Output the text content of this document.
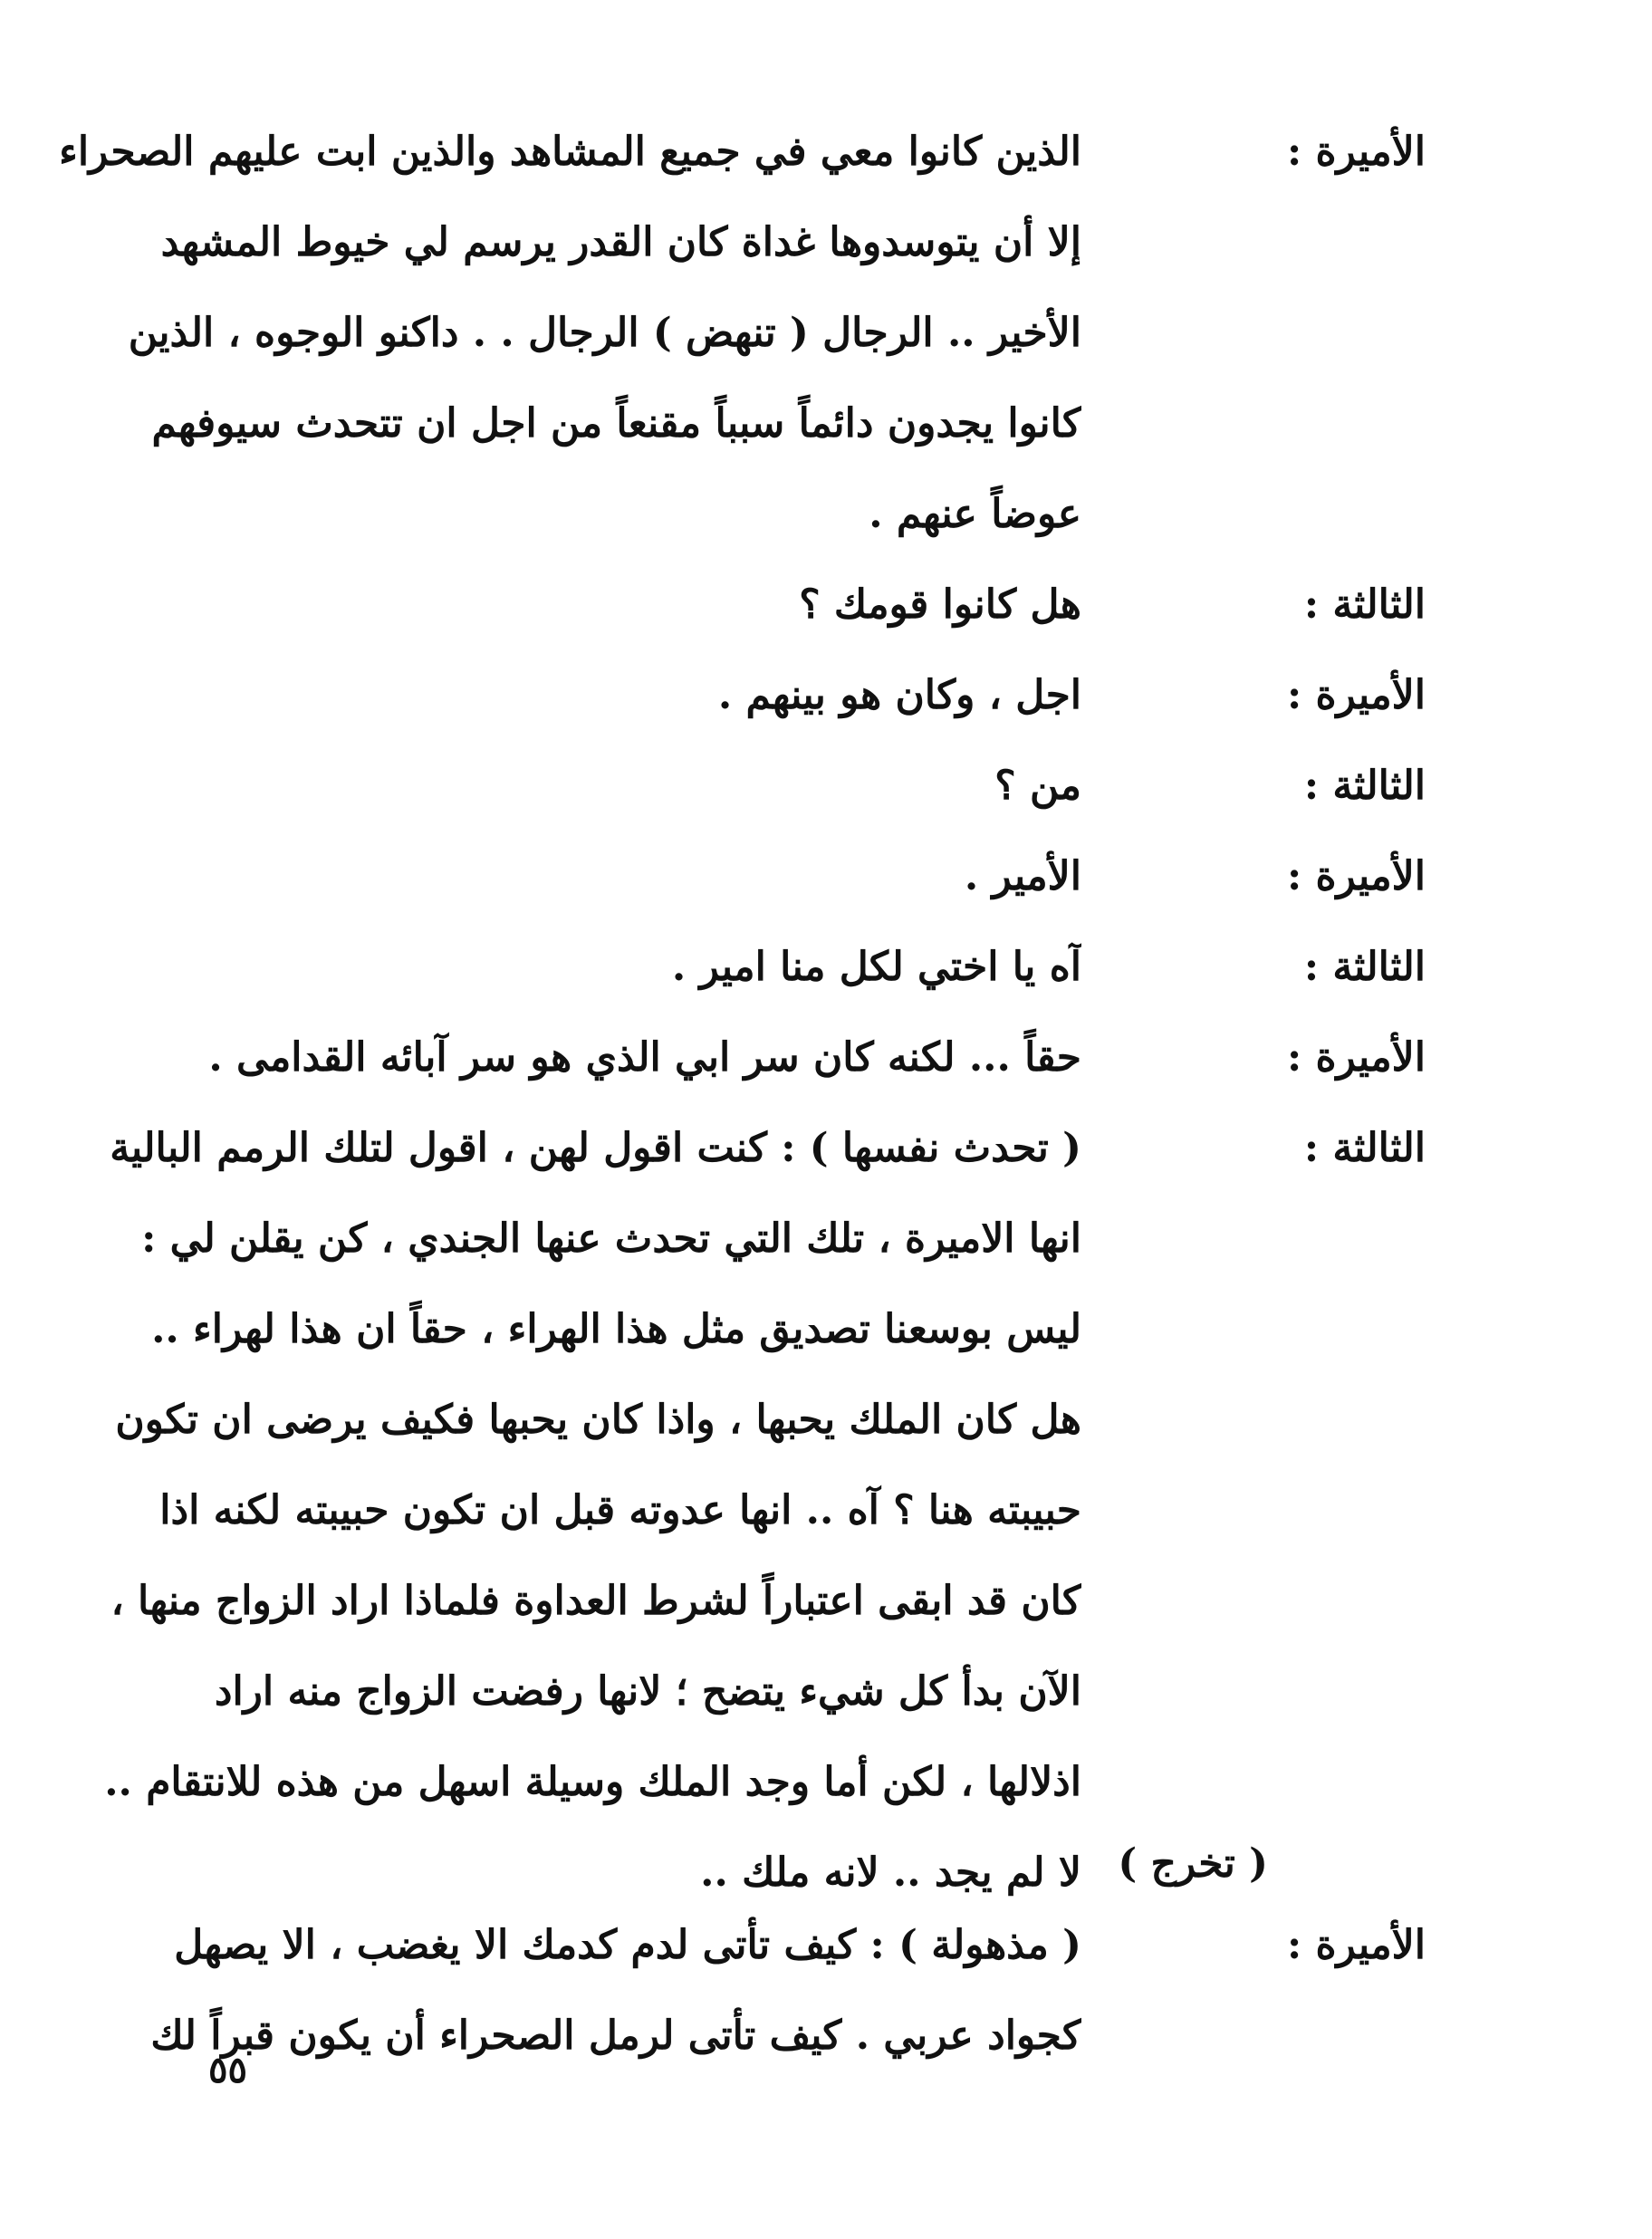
الأميرة :
الذين كانوا معي في جميع المشاهد والذين ابت عليهم الصحراء
إلا أن يتوسدوها غداة كان القدر يرسم لي خيوط المشهد
الأخير .. الرجال ( تنهض ) الرجال . . داكنو الوجوه ، الذين
كانوا يجدون دائماً سبباً مقنعاً من اجل ان تتحدث سيوفهم
عوضاً عنهم .
الثالثة :
هل كانوا قومك ؟
الأميرة :
اجل ، وكان هو بينهم .
الثالثة :
من ؟
الأميرة :
الأمير .
الثالثة :
آه يا اختي لكل منا امير .
الأميرة :
حقاً ... لكنه كان سر ابي الذي هو سر آبائه القدامى .
الثالثة :
( تحدث نفسها ) : كنت اقول لهن ، اقول لتلك الرمم البالية
انها الاميرة ، تلك التي تحدث عنها الجندي ، كن يقلن لي :
ليس بوسعنا تصديق مثل هذا الهراء ، حقاً ان هذا لهراء ..
هل كان الملك يحبها ، واذا كان يحبها فكيف يرضى ان تكون
حبيبته هنا ؟ آه .. انها عدوته قبل ان تكون حبيبته لكنه اذا
كان قد ابقى اعتباراً لشرط العداوة فلماذا اراد الزواج منها ،
الآن بدأ كل شيء يتضح ؛ لانها رفضت الزواج منه اراد
اذلالها ، لكن أما وجد الملك وسيلة اسهل من هذه للانتقام ..
لا لم يجد .. لانه ملك .. ( تخرج )
الأميرة :
( مذهولة ) : كيف تأتى لدم كدمك الا يغضب ، الا يصهل
كجواد عربي . كيف تأتى لرمل الصحراء أن يكون قبراً لك
٥٥
